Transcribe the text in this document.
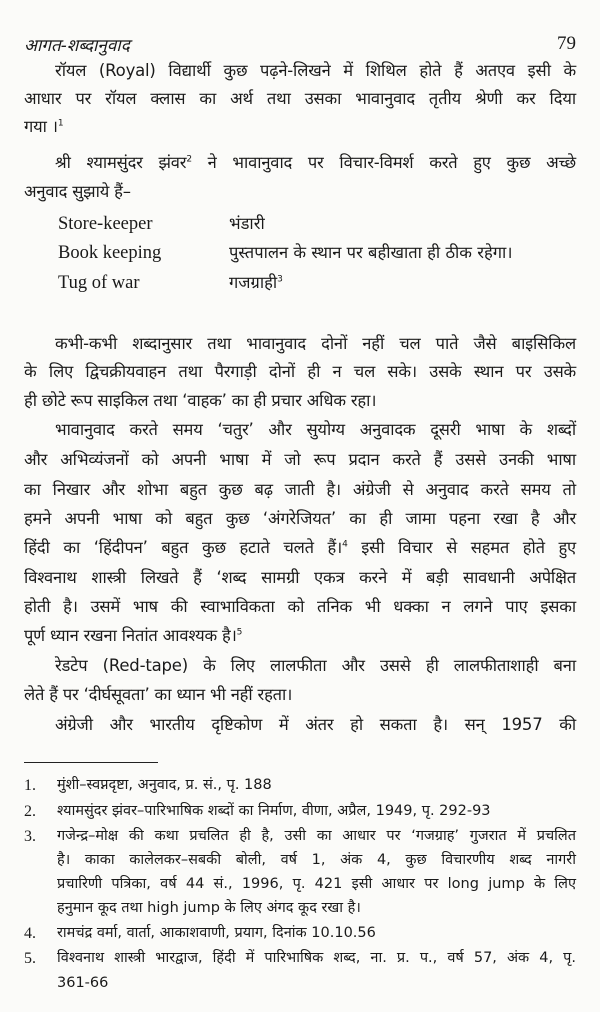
आगत-शब्दानुवाद	79
रॉयल (Royal) विद्यार्थी कुछ पढ़ने-लिखने में शिथिल होते हैं अतएव इसी के
आधार पर रॉयल क्लास का अर्थ तथा उसका भावानुवाद तृतीय श्रेणी कर दिया
गया ।$^1$
श्री श्यामसुंदर झंवर$^2$ ने भावानुवाद पर विचार-विमर्श करते हुए कुछ अच्छे
अनुवाद सुझाये हैं–
Store-keeper	भंडारी
Book keeping	पुस्तपालन के स्थान पर बहीखाता ही ठीक रहेगा।
Tug of war	गजग्राही$^3$
कभी-कभी शब्दानुसार तथा भावानुवाद दोनों नहीं चल पाते जैसे बाइसिकिल
के लिए द्विचक्रीयवाहन तथा पैरगाड़ी दोनों ही न चल सके। उसके स्थान पर उसके
ही छोटे रूप साइकिल तथा ‘वाहक’ का ही प्रचार अधिक रहा।
भावानुवाद करते समय ‘चतुर’ और सुयोग्य अनुवादक दूसरी भाषा के शब्दों
और अभिव्यंजनों को अपनी भाषा में जो रूप प्रदान करते हैं उससे उनकी भाषा
का निखार और शोभा बहुत कुछ बढ़ जाती है। अंग्रेजी से अनुवाद करते समय तो
हमने अपनी भाषा को बहुत कुछ ‘अंगरेजियत’ का ही जामा पहना रखा है और
हिंदी का ‘हिंदीपन’ बहुत कुछ हटाते चलते हैं।$^4$ इसी विचार से सहमत होते हुए
विश्वनाथ शास्त्री लिखते हैं ‘शब्द सामग्री एकत्र करने में बड़ी सावधानी अपेक्षित
होती है। उसमें भाष की स्वाभाविकता को तनिक भी धक्का न लगने पाए इसका
पूर्ण ध्यान रखना नितांत आवश्यक है।$^5$
रेडटेप (Red-tape) के लिए लालफीता और उससे ही लालफीताशाही बना
लेते हैं पर ‘दीर्घसूवता’ का ध्यान भी नहीं रहता।
अंग्रेजी और भारतीय दृष्टिकोण में अंतर हो सकता है। सन् 1957 की
1. मुंशी–स्वप्नदृष्टा, अनुवाद, प्र. सं., पृ. 188
2. श्यामसुंदर झंवर–पारिभाषिक शब्दों का निर्माण, वीणा, अप्रैल, 1949, पृ. 292-93
3. गजेन्द्र–मोक्ष की कथा प्रचलित ही है, उसी का आधार पर ‘गजग्राह’ गुजरात में प्रचलित
है। काका कालेलकर–सबकी बोली, वर्ष 1, अंक 4, कुछ विचारणीय शब्द नागरी
प्रचारिणी पत्रिका, वर्ष 44 सं., 1996, पृ. 421 इसी आधार पर long jump के लिए
हनुमान कूद तथा high jump के लिए अंगद कूद रखा है।
4. रामचंद्र वर्मा, वार्ता, आकाशवाणी, प्रयाग, दिनांक 10.10.56
5. विश्वनाथ शास्त्री भारद्वाज, हिंदी में पारिभाषिक शब्द, ना. प्र. प., वर्ष 57, अंक 4, पृ.
361-66
